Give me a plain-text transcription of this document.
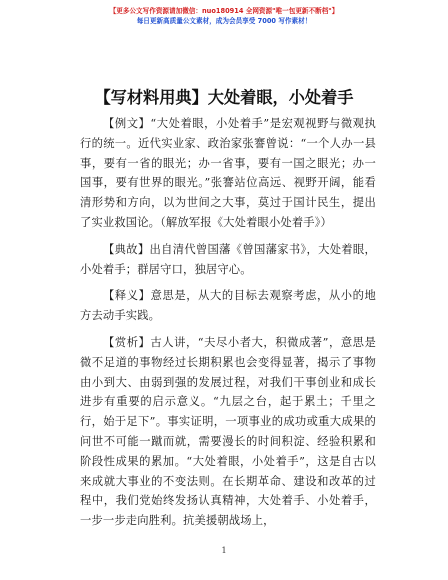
【更多公文写作资源请加微信：nuo180914 全网资源"唯一包更新不断档"】
每日更新高质量公文素材，成为会员享受 7000 写作素材！
【写材料用典】大处着眼，小处着手

【例文】“大处着眼，小处着手”是宏观视野与微观执行的统一。近代实业家、政治家张謇曾说：“一个人办一县事，要有一省的眼光；办一省事，要有一国之眼光；办一国事，要有世界的眼光。”张謇站位高远、视野开阔，能看清形势和方向，以为世间之大事，莫过于国计民生，提出了实业救国论。（解放军报《大处着眼小处着手》）

【典故】出自清代曾国藩《曾国藩家书》，大处着眼，小处着手；群居守口，独居守心。

【释义】意思是，从大的目标去观察考虑，从小的地方去动手实践。

【赏析】古人讲，“夫尽小者大，积微成著”，意思是微不足道的事物经过长期积累也会变得显著，揭示了事物由小到大、由弱到强的发展过程，对我们干事创业和成长进步有重要的启示意义。“九层之台，起于累土；千里之行，始于足下”。事实证明，一项事业的成功或重大成果的问世不可能一蹴而就，需要漫长的时间积淀、经验积累和阶段性成果的累加。“大处着眼，小处着手”，这是自古以来成就大事业的不变法则。在长期革命、建设和改革的过程中，我们党始终发扬认真精神，大处着手、小处着手，一步一步走向胜利。抗美援朝战场上，

1
